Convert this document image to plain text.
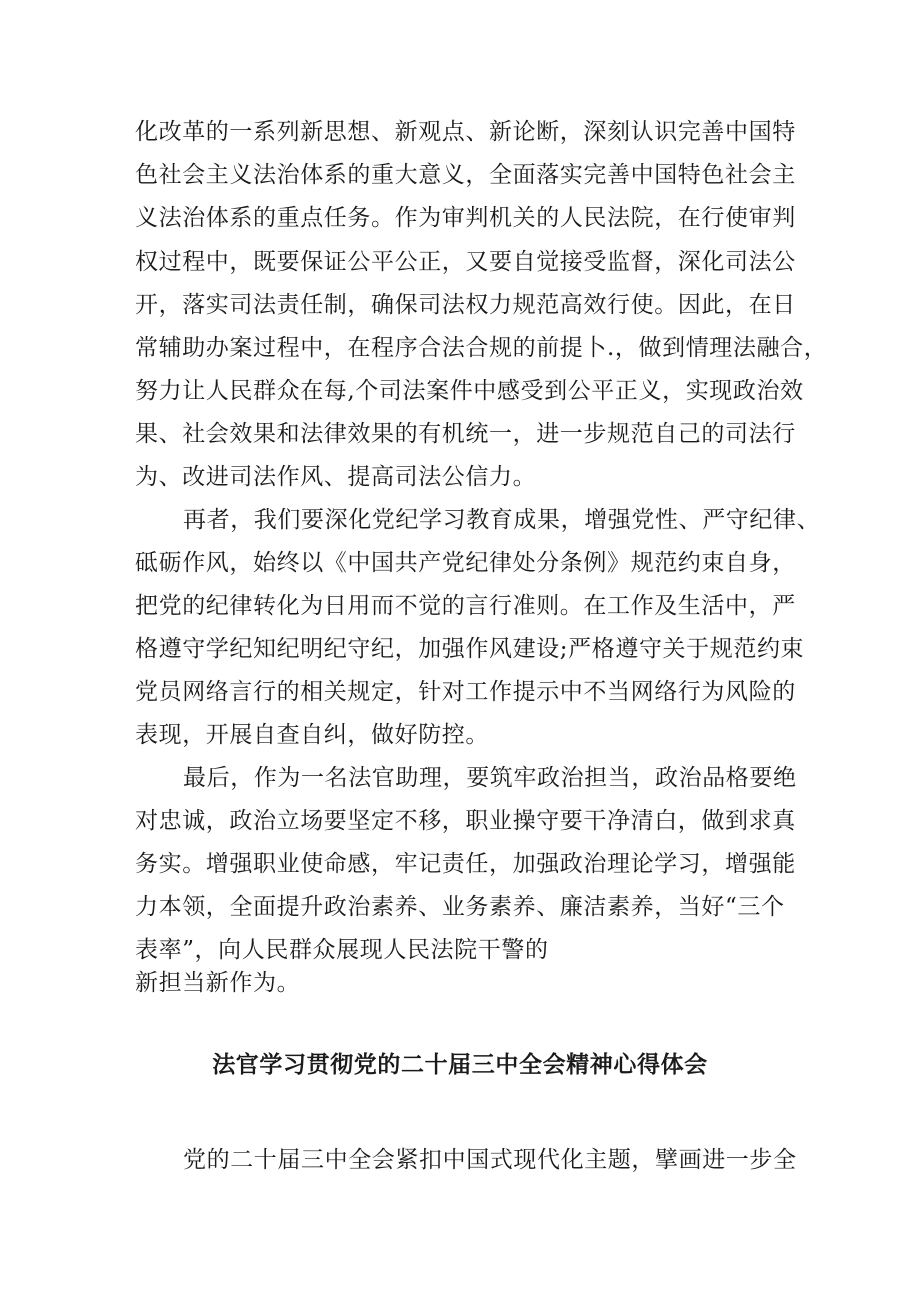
化改革的一系列新思想、新观点、新论断，深刻认识完善中国特
色社会主义法治体系的重大意义，全面落实完善中国特色社会主
义法治体系的重点任务。作为审判机关的人民法院，在行使审判
权过程中，既要保证公平公正，又要自觉接受监督，深化司法公
开，落实司法责任制，确保司法权力规范高效行使。因此，在日
常辅助办案过程中，在程序合法合规的前提卜.，做到情理法融合，
努力让人民群众在每,个司法案件中感受到公平正义，实现政治效
果、社会效果和法律效果的有机统一，进一步规范自己的司法行
为、改进司法作风、提高司法公信力。
再者，我们要深化党纪学习教育成果，增强党性、严守纪律、
砥砺作风，始终以《中国共产党纪律处分条例》规范约束自身，
把党的纪律转化为日用而不觉的言行准则。在工作及生活中，严
格遵守学纪知纪明纪守纪，加强作风建设;严格遵守关于规范约束
党员网络言行的相关规定，针对工作提示中不当网络行为风险的
表现，开展自查自纠，做好防控。
最后，作为一名法官助理，要筑牢政治担当，政治品格要绝
对忠诚，政治立场要坚定不移，职业操守要干净清白，做到求真
务实。增强职业使命感，牢记责任，加强政治理论学习，增强能
力本领，全面提升政治素养、业务素养、廉洁素养，当好“三个
表率”，向人民群众展现人民法院干警的
新担当新作为。
法官学习贯彻党的二十届三中全会精神心得体会
党的二十届三中全会紧扣中国式现代化主题，擘画进一步全
